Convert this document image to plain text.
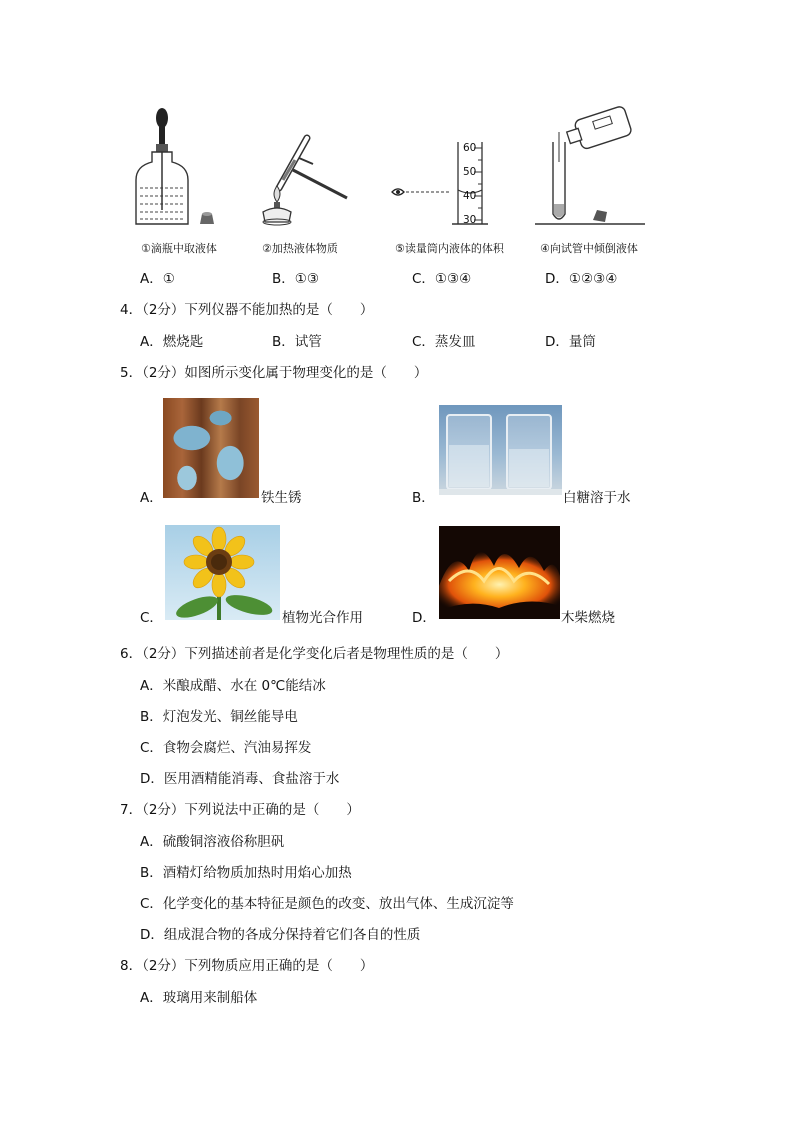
60
50
40
30
①滴瓶中取液体	②加热液体物质	⑤读量筒内液体的体积	④向试管中倾倒液体
A．①	B．①③	C．①③④	D．①②③④
4．（2分）下列仪器不能加热的是（　　）
A．燃烧匙	B．试管	C．蒸发皿	D．量筒
5．（2分）如图所示变化属于物理变化的是（　　）
A．	铁生锈	B．	白糖溶于水
C．	植物光合作用	D．	木柴燃烧
6．（2分）下列描述前者是化学变化后者是物理性质的是（　　）
A．米酿成醋、水在 0℃能结冰
B．灯泡发光、铜丝能导电
C．食物会腐烂、汽油易挥发
D．医用酒精能消毒、食盐溶于水
7．（2分）下列说法中正确的是（　　）
A．硫酸铜溶液俗称胆矾
B．酒精灯给物质加热时用焰心加热
C．化学变化的基本特征是颜色的改变、放出气体、生成沉淀等
D．组成混合物的各成分保持着它们各自的性质
8．（2分）下列物质应用正确的是（　　）
A．玻璃用来制船体
